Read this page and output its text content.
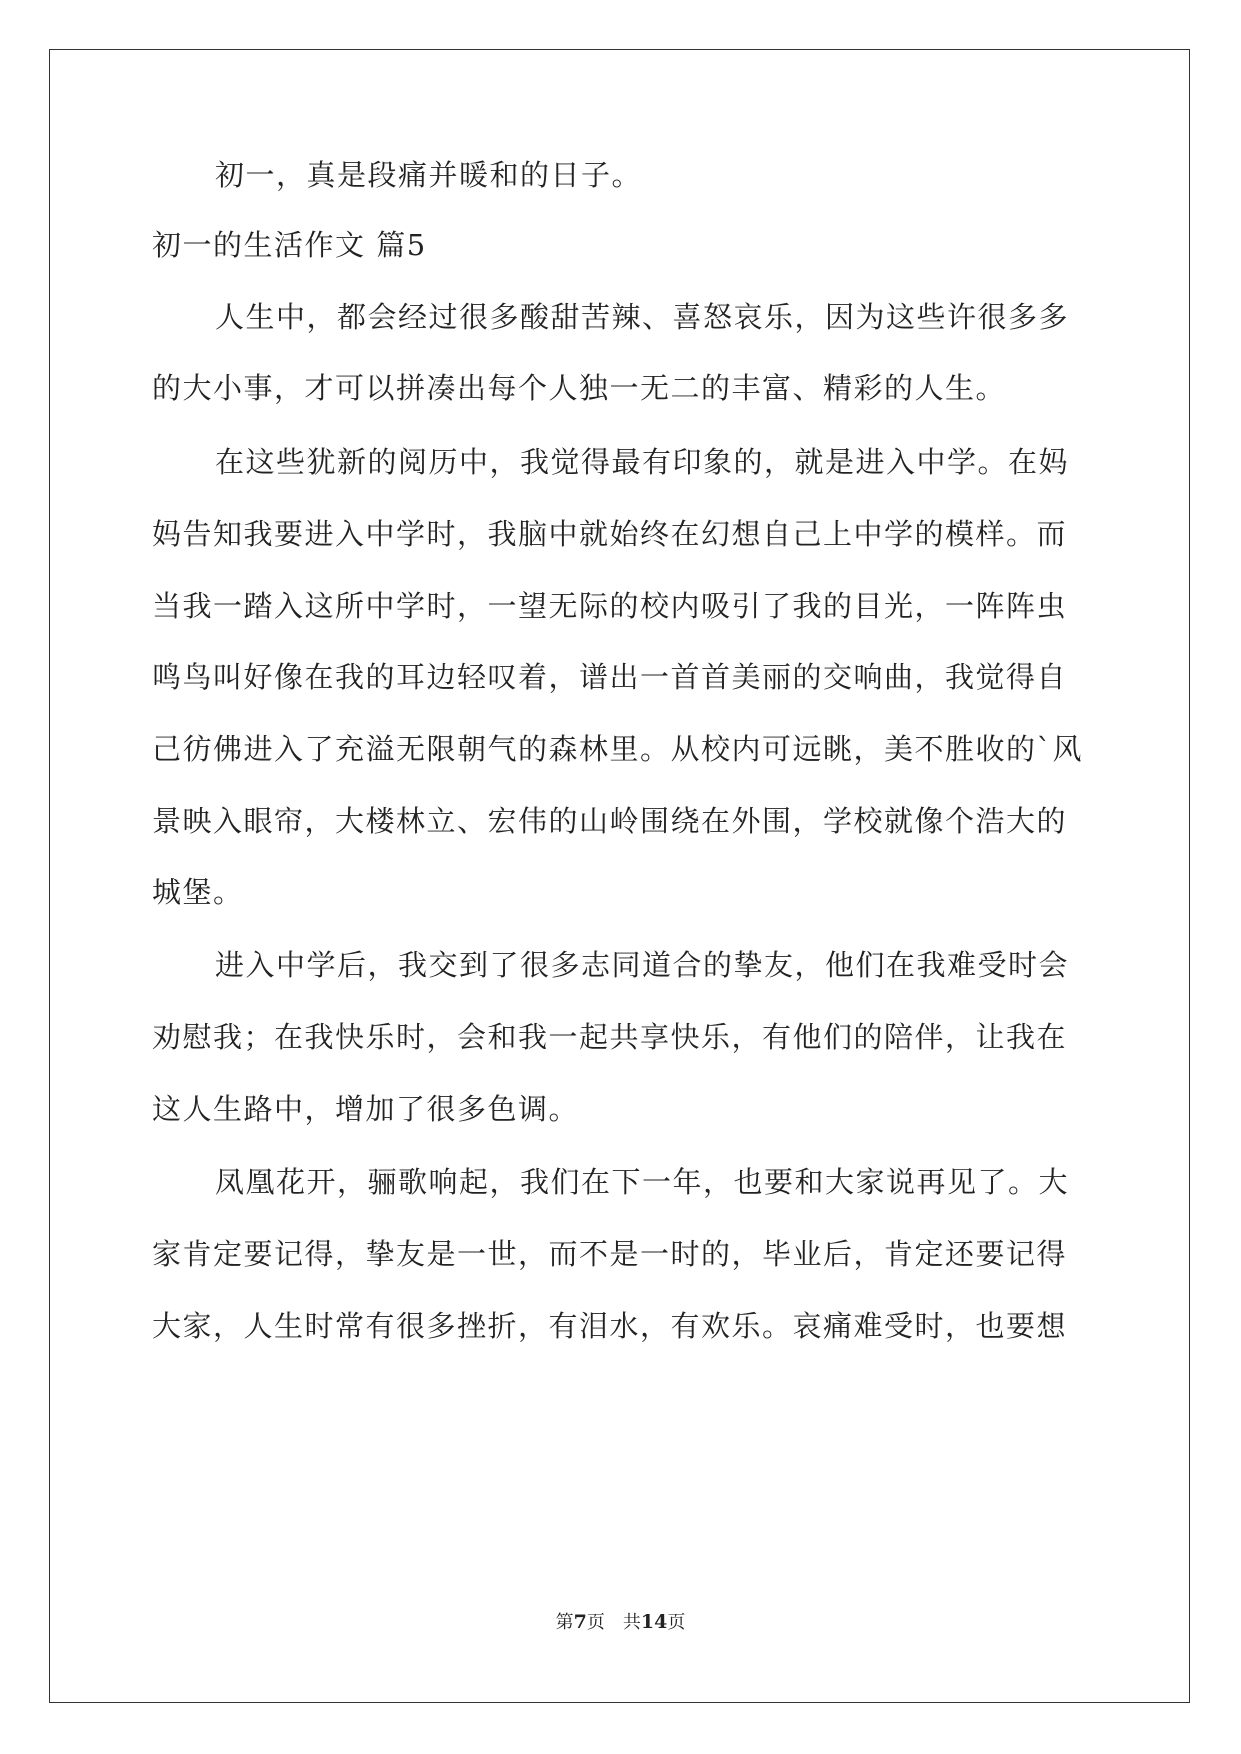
初一，真是段痛并暖和的日子。
初一的生活作文 篇5
人生中，都会经过很多酸甜苦辣、喜怒哀乐，因为这些许很多多
的大小事，才可以拼凑出每个人独一无二的丰富、精彩的人生。
在这些犹新的阅历中，我觉得最有印象的，就是进入中学。在妈
妈告知我要进入中学时，我脑中就始终在幻想自己上中学的模样。而
当我一踏入这所中学时，一望无际的校内吸引了我的目光，一阵阵虫
鸣鸟叫好像在我的耳边轻叹着，谱出一首首美丽的交响曲，我觉得自
己彷佛进入了充溢无限朝气的森林里。从校内可远眺，美不胜收的`风
景映入眼帘，大楼林立、宏伟的山岭围绕在外围，学校就像个浩大的
城堡。
进入中学后，我交到了很多志同道合的挚友，他们在我难受时会
劝慰我；在我快乐时，会和我一起共享快乐，有他们的陪伴，让我在
这人生路中，增加了很多色调。
凤凰花开，骊歌响起，我们在下一年，也要和大家说再见了。大
家肯定要记得，挚友是一世，而不是一时的，毕业后，肯定还要记得
大家，人生时常有很多挫折，有泪水，有欢乐。哀痛难受时，也要想
第7页 共14页
